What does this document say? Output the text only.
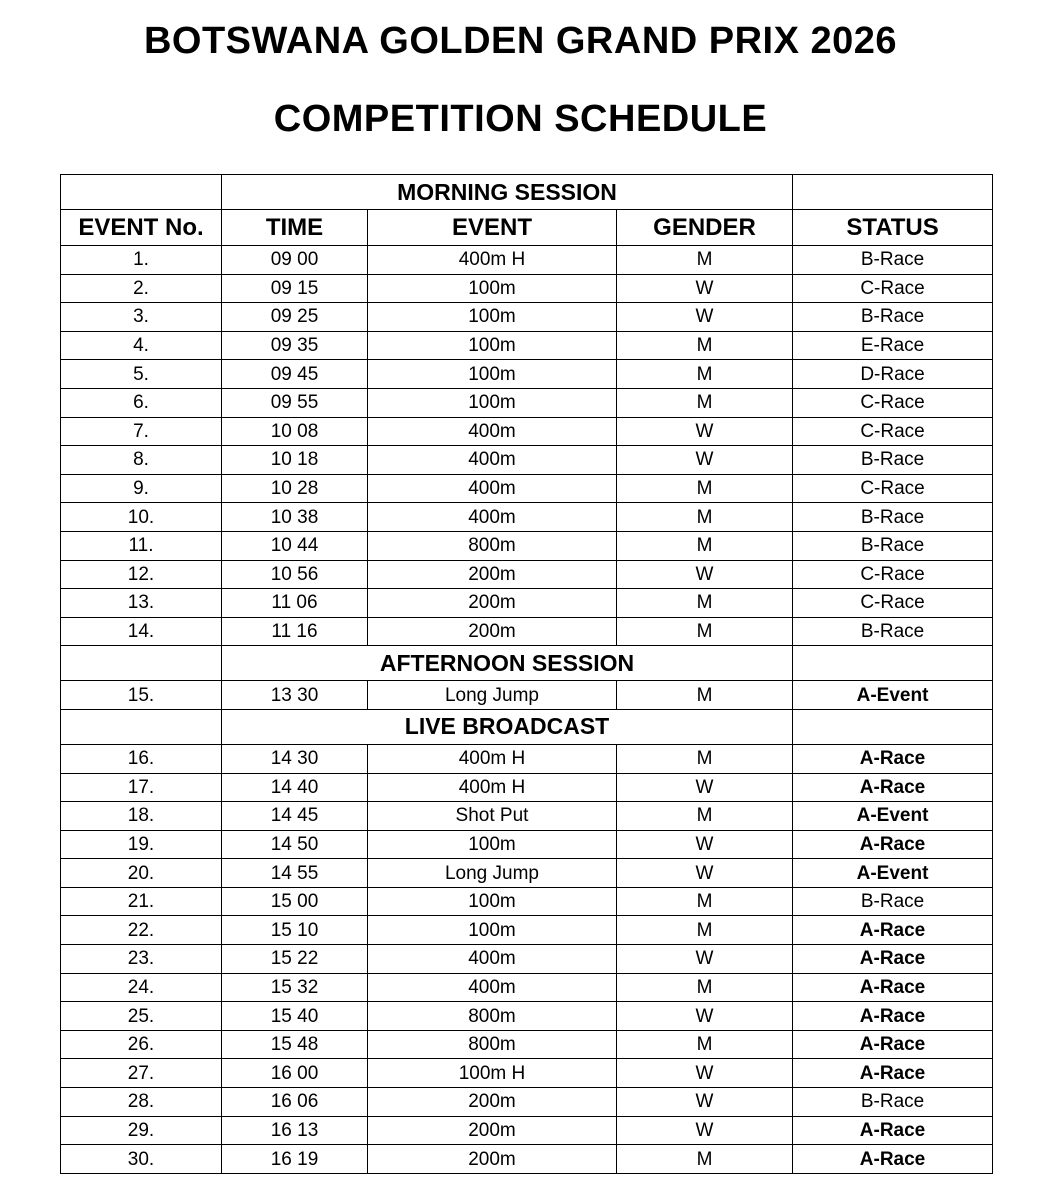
BOTSWANA GOLDEN GRAND PRIX 2026
COMPETITION SCHEDULE
	MORNING SESSION			
EVENT No.	TIME	EVENT	GENDER	STATUS
1.	09 00	400m H	M	B-Race
2.	09 15	100m	W	C-Race
3.	09 25	100m	W	B-Race
4.	09 35	100m	M	E-Race
5.	09 45	100m	M	D-Race
6.	09 55	100m	M	C-Race
7.	10 08	400m	W	C-Race
8.	10 18	400m	W	B-Race
9.	10 28	400m	M	C-Race
10.	10 38	400m	M	B-Race
11.	10 44	800m	M	B-Race
12.	10 56	200m	W	C-Race
13.	11 06	200m	M	C-Race
14.	11 16	200m	M	B-Race
	AFTERNOON SESSION			
15.	13 30	Long Jump	M	A-Event
	LIVE BROADCAST			
16.	14 30	400m H	M	A-Race
17.	14 40	400m H	W	A-Race
18.	14 45	Shot Put	M	A-Event
19.	14 50	100m	W	A-Race
20.	14 55	Long Jump	W	A-Event
21.	15 00	100m	M	B-Race
22.	15 10	100m	M	A-Race
23.	15 22	400m	W	A-Race
24.	15 32	400m	M	A-Race
25.	15 40	800m	W	A-Race
26.	15 48	800m	M	A-Race
27.	16 00	100m H	W	A-Race
28.	16 06	200m	W	B-Race
29.	16 13	200m	W	A-Race
30.	16 19	200m	M	A-Race
